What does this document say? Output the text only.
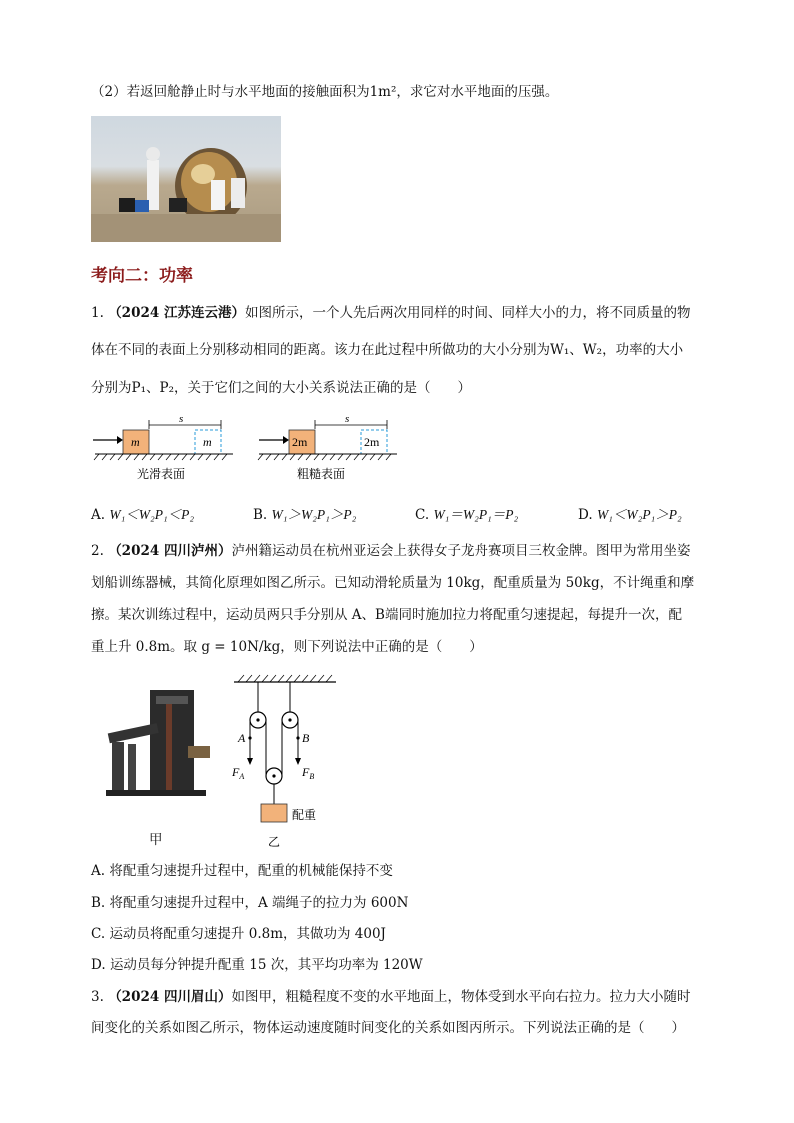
（2）若返回舱静止时与水平地面的接触面积为1m²，求它对水平地面的压强。
考向二：功率
1. （2024 江苏连云港）如图所示，一个人先后两次用同样的时间、同样大小的力，将不同质量的物
体在不同的表面上分别移动相同的距离。该力在此过程中所做功的大小分别为W₁、W₂，功率的大小
分别为P₁、P₂，关于它们之间的大小关系说法正确的是（　　）
m	m
s
光滑表面
2m	2m
s
粗糙表面
A. W₁＜W₂P₁＜P₂	B. W₁＞W₂P₁＞P₂	C. W₁＝W₂P₁＝P₂	D. W₁＜W₂P₁＞P₂
2. （2024 四川泸州）泸州籍运动员在杭州亚运会上获得女子龙舟赛项目三枚金牌。图甲为常用坐姿
划船训练器械，其简化原理如图乙所示。已知动滑轮质量为 10kg，配重质量为 50kg，不计绳重和摩
擦。某次训练过程中，运动员两只手分别从 A、B端同时施加拉力将配重匀速提起，每提升一次，配
重上升 0.8m。取 g = 10N/kg，则下列说法中正确的是（　　）
甲
A	B
$F_A$	$F_B$
配重
乙
A. 将配重匀速提升过程中，配重的机械能保持不变
B. 将配重匀速提升过程中，A 端绳子的拉力为 600N
C. 运动员将配重匀速提升 0.8m，其做功为 400J
D. 运动员每分钟提升配重 15 次，其平均功率为 120W
3. （2024 四川眉山）如图甲，粗糙程度不变的水平地面上，物体受到水平向右拉力。拉力大小随时
间变化的关系如图乙所示，物体运动速度随时间变化的关系如图丙所示。下列说法正确的是（　　）
